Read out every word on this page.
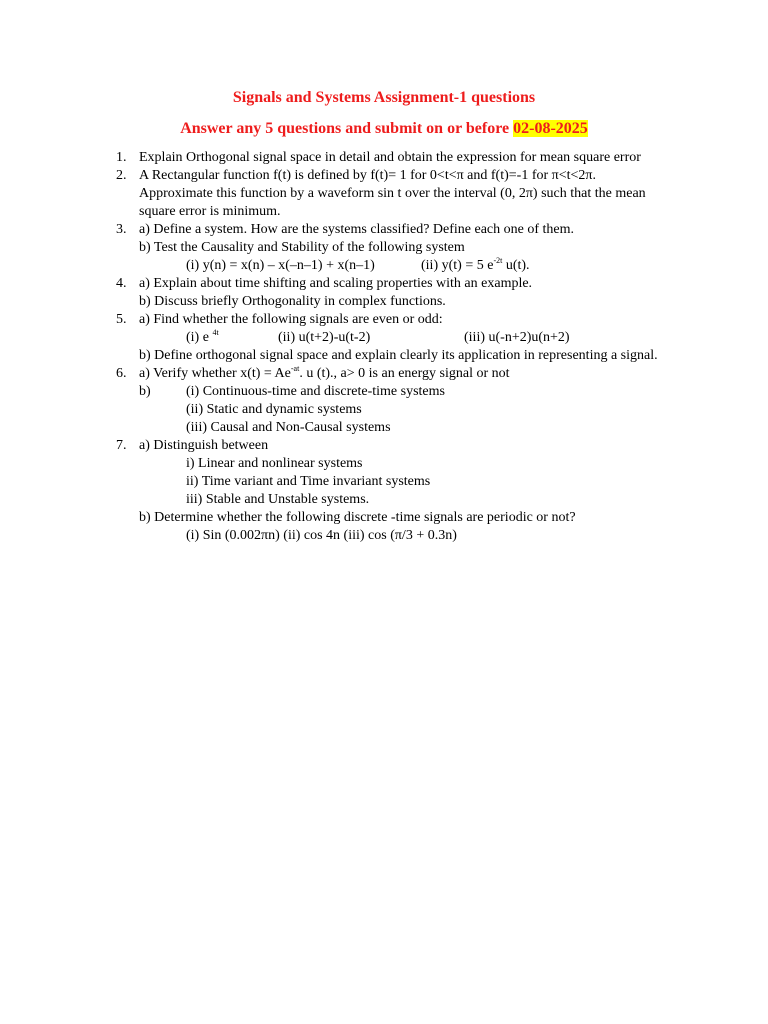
Signals and Systems Assignment-1 questions
Answer any 5 questions and submit on or before 02-08-2025
1. Explain Orthogonal signal space in detail and obtain the expression for mean square error
2. A Rectangular function f(t) is defined by f(t)= 1 for 0<t<π and f(t)=-1 for π<t<2π. Approximate this function by a waveform sin t over the interval (0, 2π) such that the mean square error is minimum.
3. a) Define a system. How are the systems classified? Define each one of them.
b) Test the Causality and Stability of the following system
(i) y(n) = x(n) – x(–n–1) + x(n–1)	(ii) y(t) = 5 $e^{-2t}$ u(t).
4. a) Explain about time shifting and scaling properties with an example.
b) Discuss briefly Orthogonality in complex functions.
5. a) Find whether the following signals are even or odd:
(i) e $^{4t}$	(ii) u(t+2)-u(t-2)	(iii) u(-n+2)u(n+2)
b) Define orthogonal signal space and explain clearly its application in representing a signal.
6. a) Verify whether $x(t) = Ae^{-at}$. u (t)., a> 0 is an energy signal or not
b)	(i) Continuous-time and discrete-time systems
(ii) Static and dynamic systems
(iii) Causal and Non-Causal systems
7. a) Distinguish between
i) Linear and nonlinear systems
ii) Time variant and Time invariant systems
iii) Stable and Unstable systems.
b) Determine whether the following discrete -time signals are periodic or not?
(i) Sin (0.002πn) (ii) cos 4n (iii) cos (π/3 + 0.3n)
